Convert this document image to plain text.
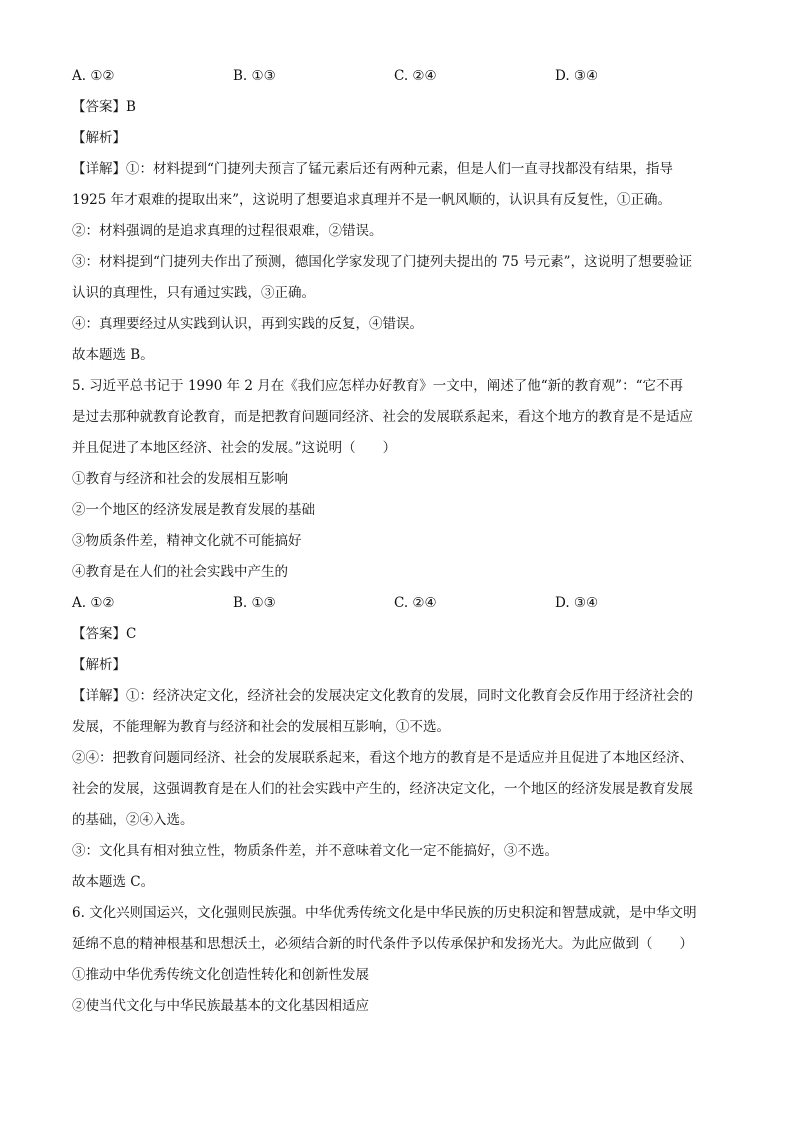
A. ①②	B. ①③	C. ②④	D. ③④
【答案】B
【解析】
【详解】①：材料提到“门捷列夫预言了锰元素后还有两种元素，但是人们一直寻找都没有结果，指导
1925 年才艰难的提取出来”，这说明了想要追求真理并不是一帆风顺的，认识具有反复性，①正确。
②：材料强调的是追求真理的过程很艰难，②错误。
③：材料提到“门捷列夫作出了预测，德国化学家发现了门捷列夫提出的 75 号元素”，这说明了想要验证
认识的真理性，只有通过实践，③正确。
④：真理要经过从实践到认识，再到实践的反复，④错误。
故本题选 B。
5. 习近平总书记于 1990 年 2 月在《我们应怎样办好教育》一文中，阐述了他“新的教育观”：“它不再
是过去那种就教育论教育，而是把教育问题同经济、社会的发展联系起来，看这个地方的教育是不是适应
并且促进了本地区经济、社会的发展。”这说明（　　）
①教育与经济和社会的发展相互影响
②一个地区的经济发展是教育发展的基础
③物质条件差，精神文化就不可能搞好
④教育是在人们的社会实践中产生的
A. ①②	B. ①③	C. ②④	D. ③④
【答案】C
【解析】
【详解】①：经济决定文化，经济社会的发展决定文化教育的发展，同时文化教育会反作用于经济社会的
发展，不能理解为教育与经济和社会的发展相互影响，①不选。
②④：把教育问题同经济、社会的发展联系起来，看这个地方的教育是不是适应并且促进了本地区经济、
社会的发展，这强调教育是在人们的社会实践中产生的，经济决定文化，一个地区的经济发展是教育发展
的基础，②④入选。
③：文化具有相对独立性，物质条件差，并不意味着文化一定不能搞好，③不选。
故本题选 C。
6. 文化兴则国运兴，文化强则民族强。中华优秀传统文化是中华民族的历史积淀和智慧成就，是中华文明
延绵不息的精神根基和思想沃土，必须结合新的时代条件予以传承保护和发扬光大。为此应做到（　　）
①推动中华优秀传统文化创造性转化和创新性发展
②使当代文化与中华民族最基本的文化基因相适应
